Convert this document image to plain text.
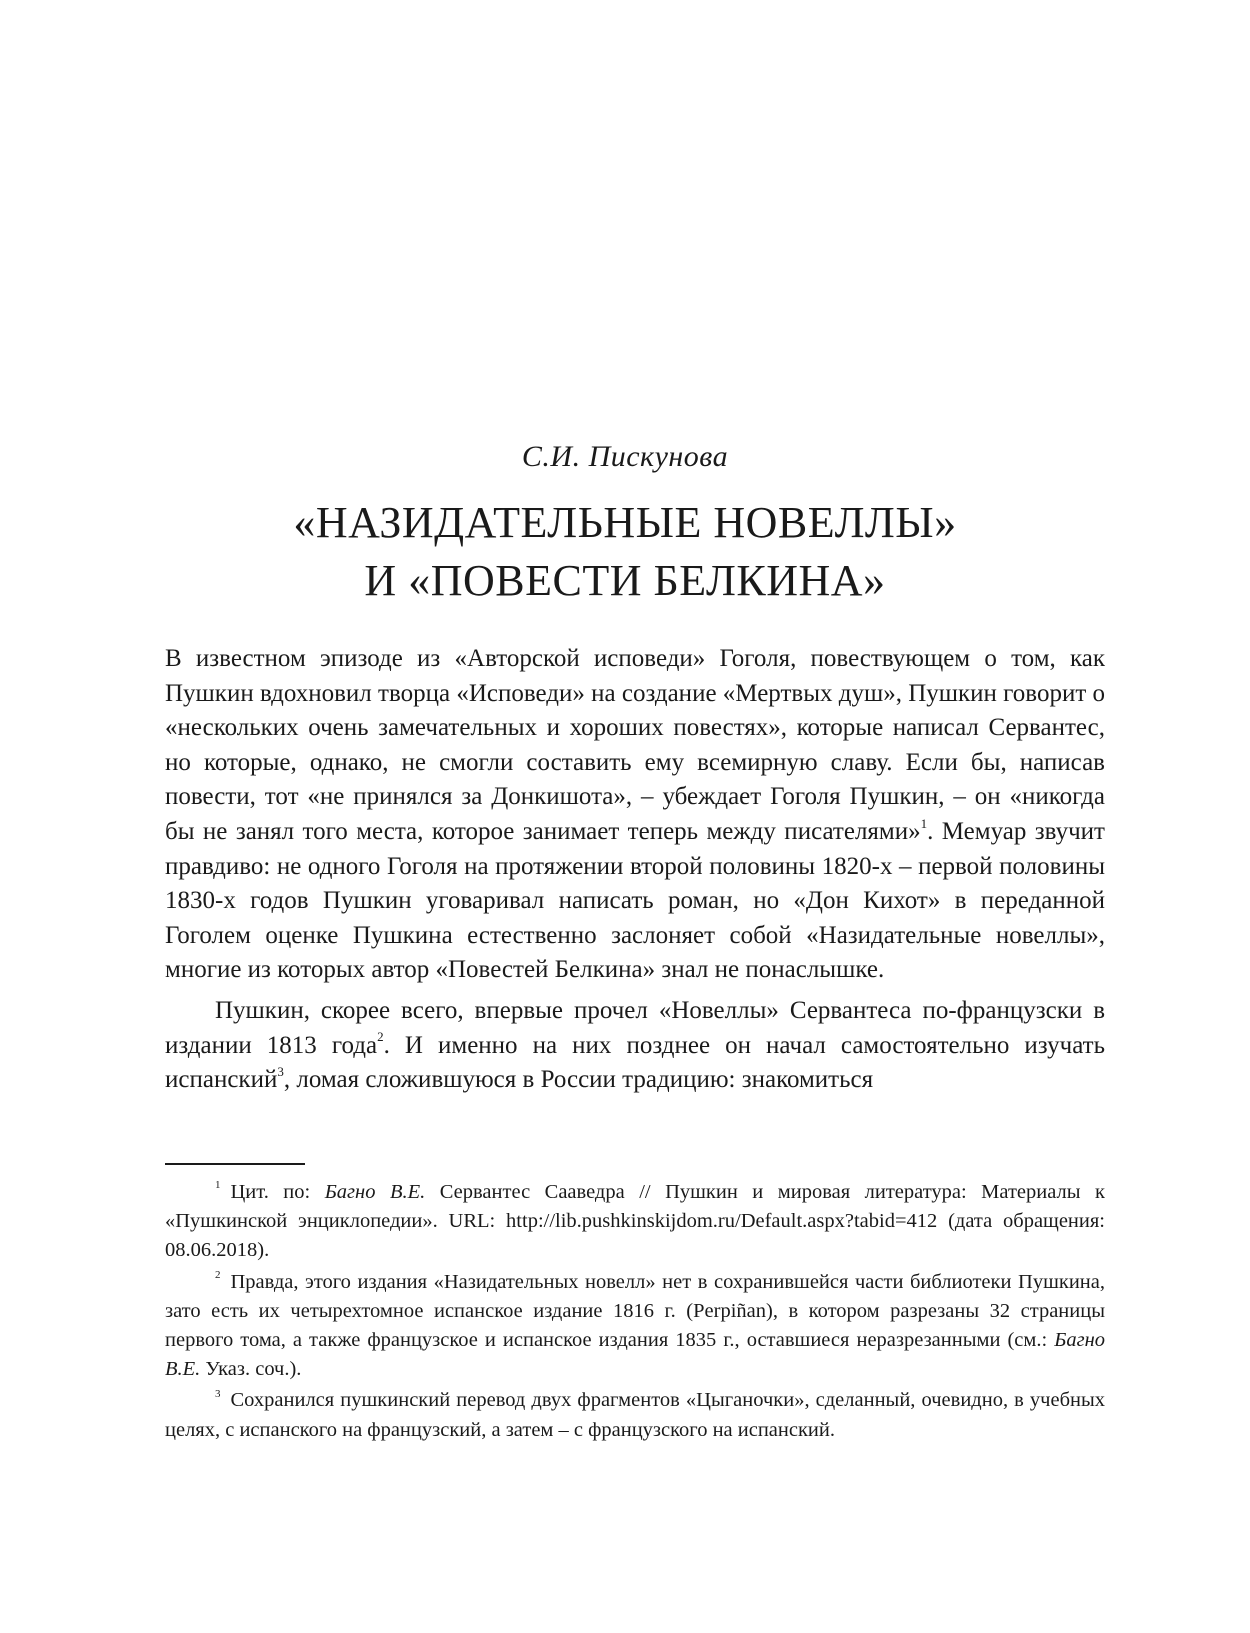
С.И. Пискунова
«НАЗИДАТЕЛЬНЫЕ НОВЕЛЛЫ»
И «ПОВЕСТИ БЕЛКИНА»

В известном эпизоде из «Авторской исповеди» Гоголя, повествующем о том, как Пушкин вдохновил творца «Исповеди» на создание «Мертвых душ», Пушкин говорит о «нескольких очень замечательных и хороших повестях», которые написал Сервантес, но которые, однако, не смогли составить ему всемирную славу. Если бы, написав повести, тот «не принялся за Донкишота», – убеждает Гоголя Пушкин, – он «никогда бы не занял того места, которое занимает теперь между писателями»$^1$. Мемуар звучит правдиво: не одного Гоголя на протяжении второй половины 1820-х – первой половины 1830-х годов Пушкин уговаривал написать роман, но «Дон Кихот» в переданной Гоголем оценке Пушкина естественно заслоняет собой «Назидательные новеллы», многие из которых автор «Повестей Белкина» знал не понаслышке.

Пушкин, скорее всего, впервые прочел «Новеллы» Сервантеса по-французски в издании 1813 года$^2$. И именно на них позднее он начал самостоятельно изучать испанский$^3$, ломая сложившуюся в России традицию: знакомиться

$^1$ Цит. по: Багно В.Е. Сервантес Сааведра // Пушкин и мировая литература: Материалы к «Пушкинской энциклопедии». URL: http://lib.pushkinskijdom.ru/Default.aspx?tabid=412 (дата обращения: 08.06.2018).

$^2$ Правда, этого издания «Назидательных новелл» нет в сохранившейся части библиотеки Пушкина, зато есть их четырехтомное испанское издание 1816 г. (Perpiñan), в котором разрезаны 32 страницы первого тома, а также французское и испанское издания 1835 г., оставшиеся неразрезанными (см.: Багно В.Е. Указ. соч.).

$^3$ Сохранился пушкинский перевод двух фрагментов «Цыганочки», сделанный, очевидно, в учебных целях, с испанского на французский, а затем – с французского на испанский.
